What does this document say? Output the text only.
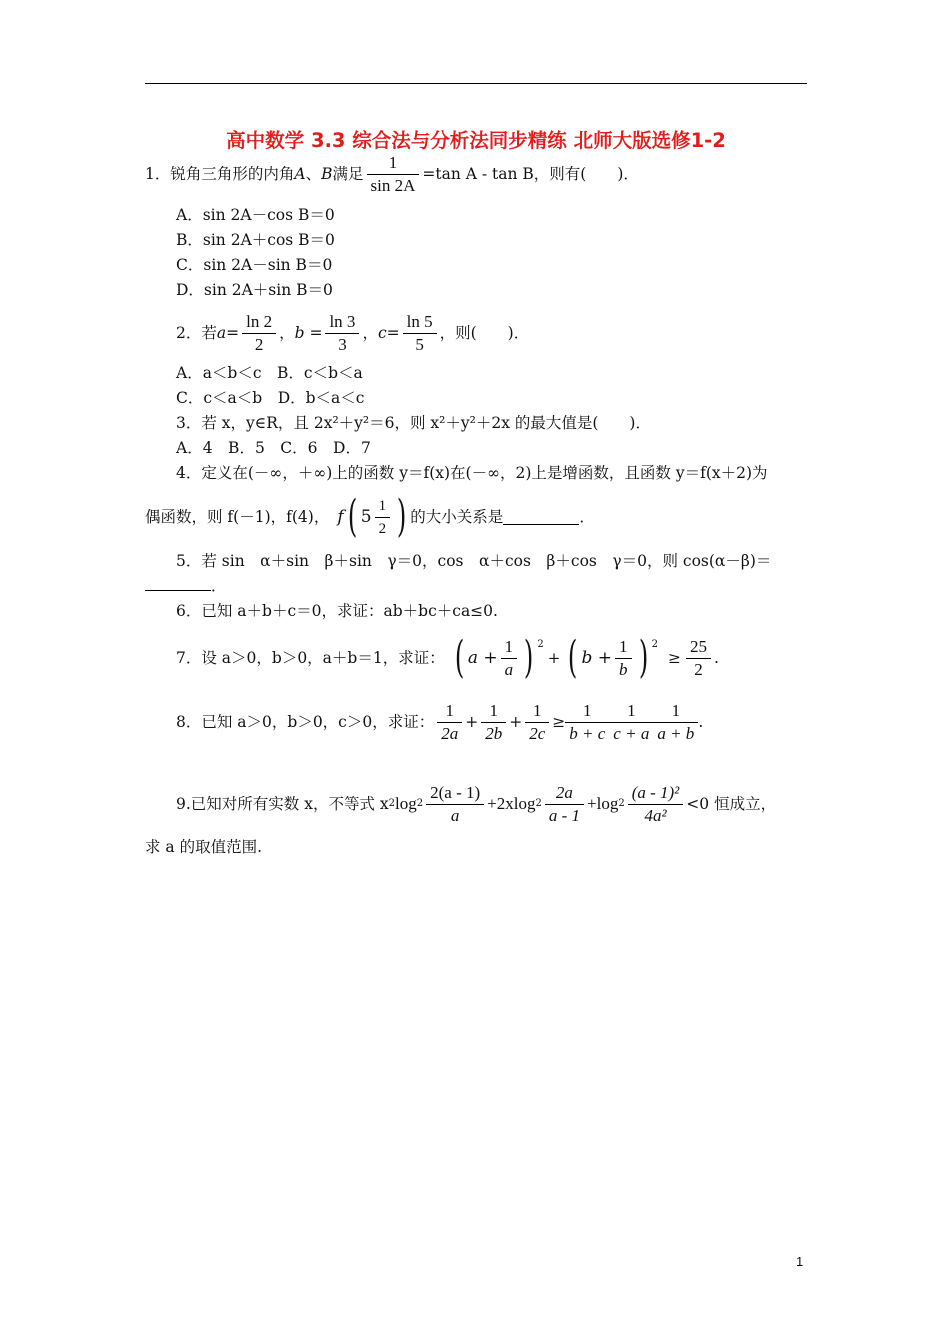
高中数学 3.3 综合法与分析法同步精练 北师大版选修1-2
1．锐角三角形的内角 A 、 B 满足 $\frac{1}{\sin 2A} =\tan$ A - tan B，则有(　　)．
A．sin 2A－cos B＝0
B．sin 2A＋cos B＝0
C．sin 2A－sin B＝0
D．sin 2A＋sin B＝0
2．若 $a= \frac{\ln 2}{2}$ ， $b = \frac{\ln 3}{3}$ ， $c= \frac{\ln 5}{5}$ ，则(　　)．
A．a＜b＜c　B．c＜b＜a
C．c＜a＜b　D．b＜a＜c
3．若 x，y∈R，且 2x²＋y²＝6，则 x²＋y²＋2x 的最大值是(　　)．
A．4　B．5　C．6　D．7
4．定义在(－∞，＋∞)上的函数 y＝f(x)在(－∞，2)上是增函数，且函数 y＝f(x＋2)为
偶函数，则 f(－1)，f(4)， f ( $5 \frac{1}{2}$ ) 的大小关系是	．
5．若 sin　α＋sin　β＋sin　γ＝0，cos　α＋cos　β＋cos　γ＝0，则 cos(α－β)＝
．
6．已知 a＋b＋c＝0，求证：ab＋bc＋ca≤0.
7．设 a＞0，b＞0，a＋b＝1，求证： ( $a + \frac{1}{a}$ ) 2
+ ( $b + \frac{1}{b}$ ) 2
≥ $\frac{25}{2}$ .
8．已知 a＞0，b＞0，c＞0，求证： $\frac{1}{2a} + \frac{1}{2b} + \frac{1}{2c} \ge \frac{1}{b + c} \frac{1}{c + a} \frac{1}{a + b}$ .
9.已知对所有实数 x，不等式 x 2 $\log 2 \frac{2(a - 1)}{a} +2xlog$ $2 \frac{2a}{a - 1} +\log$ $2 \frac{\text{(a - 1)²}}{\text{4a²}} <0$ 恒成立，
求 a 的取值范围.
1
